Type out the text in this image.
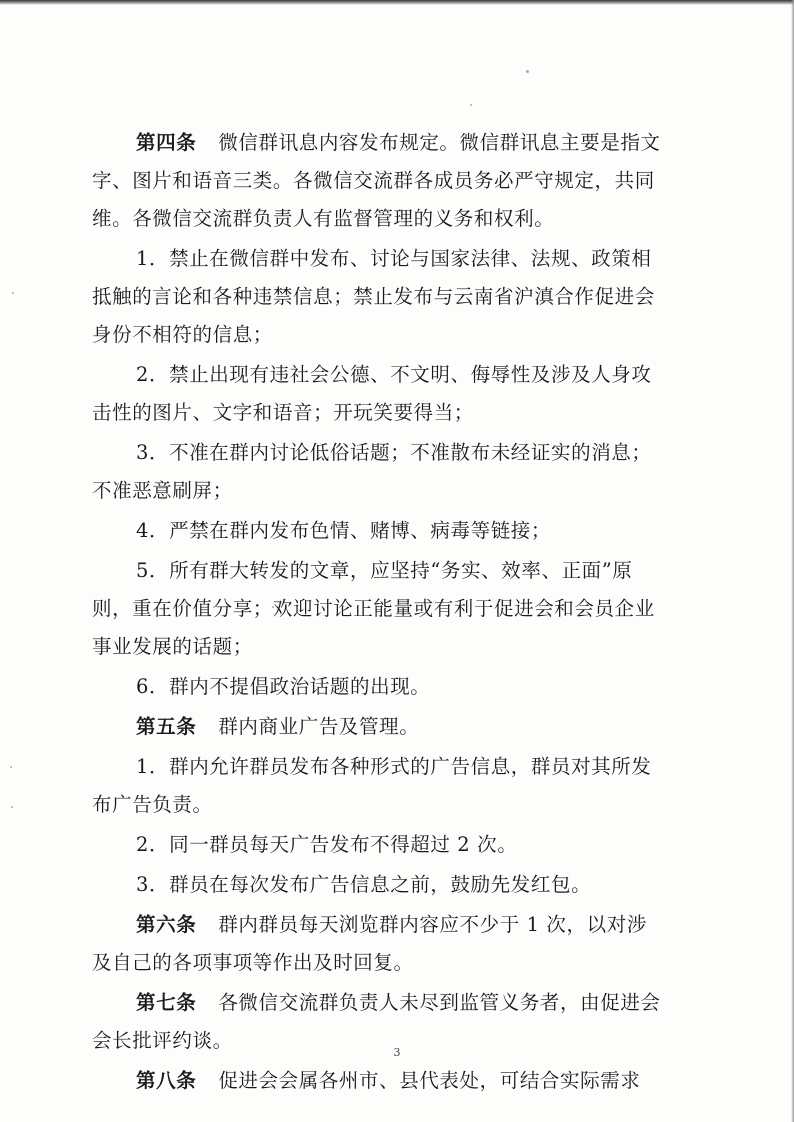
第四条 微信群讯息内容发布规定。微信群讯息主要是指文
字、图片和语音三类。各微信交流群各成员务必严守规定，共同
维。各微信交流群负责人有监督管理的义务和权利。

1．禁止在微信群中发布、讨论与国家法律、法规、政策相
抵触的言论和各种违禁信息；禁止发布与云南省沪滇合作促进会
身份不相符的信息；

2．禁止出现有违社会公德、不文明、侮辱性及涉及人身攻
击性的图片、文字和语音；开玩笑要得当；

3．不准在群内讨论低俗话题；不准散布未经证实的消息；
不准恶意刷屏；

4．严禁在群内发布色情、赌博、病毒等链接；

5．所有群大转发的文章，应坚持“务实、效率、正面”原
则，重在价值分享；欢迎讨论正能量或有利于促进会和会员企业
事业发展的话题；

6．群内不提倡政治话题的出现。

第五条 群内商业广告及管理。

1．群内允许群员发布各种形式的广告信息，群员对其所发
布广告负责。

2．同一群员每天广告发布不得超过 2 次。

3．群员在每次发布广告信息之前，鼓励先发红包。

第六条 群内群员每天浏览群内容应不少于 1 次，以对涉
及自己的各项事项等作出及时回复。

第七条 各微信交流群负责人未尽到监管义务者，由促进会
会长批评约谈。

第八条 促进会会属各州市、县代表处，可结合实际需求

3
